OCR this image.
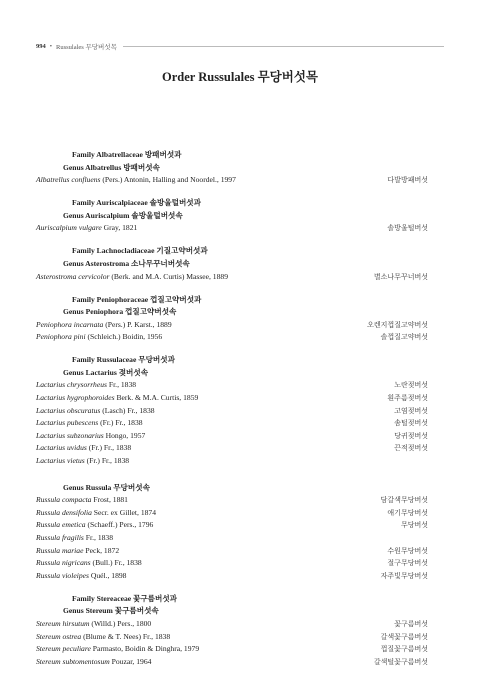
994 • Russulales 무당버섯목
Order Russulales 무당버섯목
Family Albatrellaceae 방패버섯과
Genus Albatrellus 방패버섯속
Albatrellus confluens (Pers.) Antonin, Halling and Noordel., 1997	다발방패버섯
Family Auriscalpiaceae 솔방울털버섯과
Genus Auriscalpium 솔방울털버섯속
Auriscalpium vulgare Gray, 1821	솔방울털버섯
Family Lachnocladiaceae 기질고약버섯과
Genus Asterostroma 소나무꾸너버섯속
Asterostroma cervicolor (Berk. and M.A. Curtis) Massee, 1889	별소나무꾸너버섯
Family Peniophoraceae 껍질고약버섯과
Genus Peniophora 껍질고약버섯속
Peniophora incarnata (Pers.) P. Karst., 1889	오렌지껍질고약버섯
Peniophora pini (Schleich.) Boidin, 1956	솔껍질고약버섯
Family Russulaceae 무당버섯과
Genus Lactarius 젖버섯속
Lactarius chrysorrheus Fr., 1838	노란젖버섯
Lactarius hygrophoroides Berk. & M.A. Curtis, 1859	흰주름젖버섯
Lactarius obscuratus (Lasch) Fr., 1838	고염젖버섯
Lactarius pubescens (Fr.) Fr., 1838	솜털젖버섯
Lactarius subzonarius Hongo, 1957	당귀젖버섯
Lactarius uvidus (Fr.) Fr., 1838	끈적젖버섯
Lactarius vietus (Fr.) Fr., 1838
Genus Russula 무당버섯속
Russula compacta Frost, 1881	담갈색무당버섯
Russula densifolia Secr. ex Gillet, 1874	애기무당버섯
Russula emetica (Schaeff.) Pers., 1796	무당버섯
Russula fragilis Fr., 1838
Russula mariae Peck, 1872	수원무당버섯
Russula nigricans (Bull.) Fr., 1838	절구무당버섯
Russula violeipes Quél., 1898	자주빛무당버섯
Family Stereaceae 꽃구름버섯과
Genus Stereum 꽃구름버섯속
Stereum hirsutum (Willd.) Pers., 1800	꽃구름버섯
Stereum ostrea (Blume & T. Nees) Fr., 1838	갈색꽃구름버섯
Stereum peculiare Parmasto, Boidin & Dinghra, 1979	껍질꽃구름버섯
Stereum subtomentosum Pouzar, 1964	갈색털꽃구름버섯
